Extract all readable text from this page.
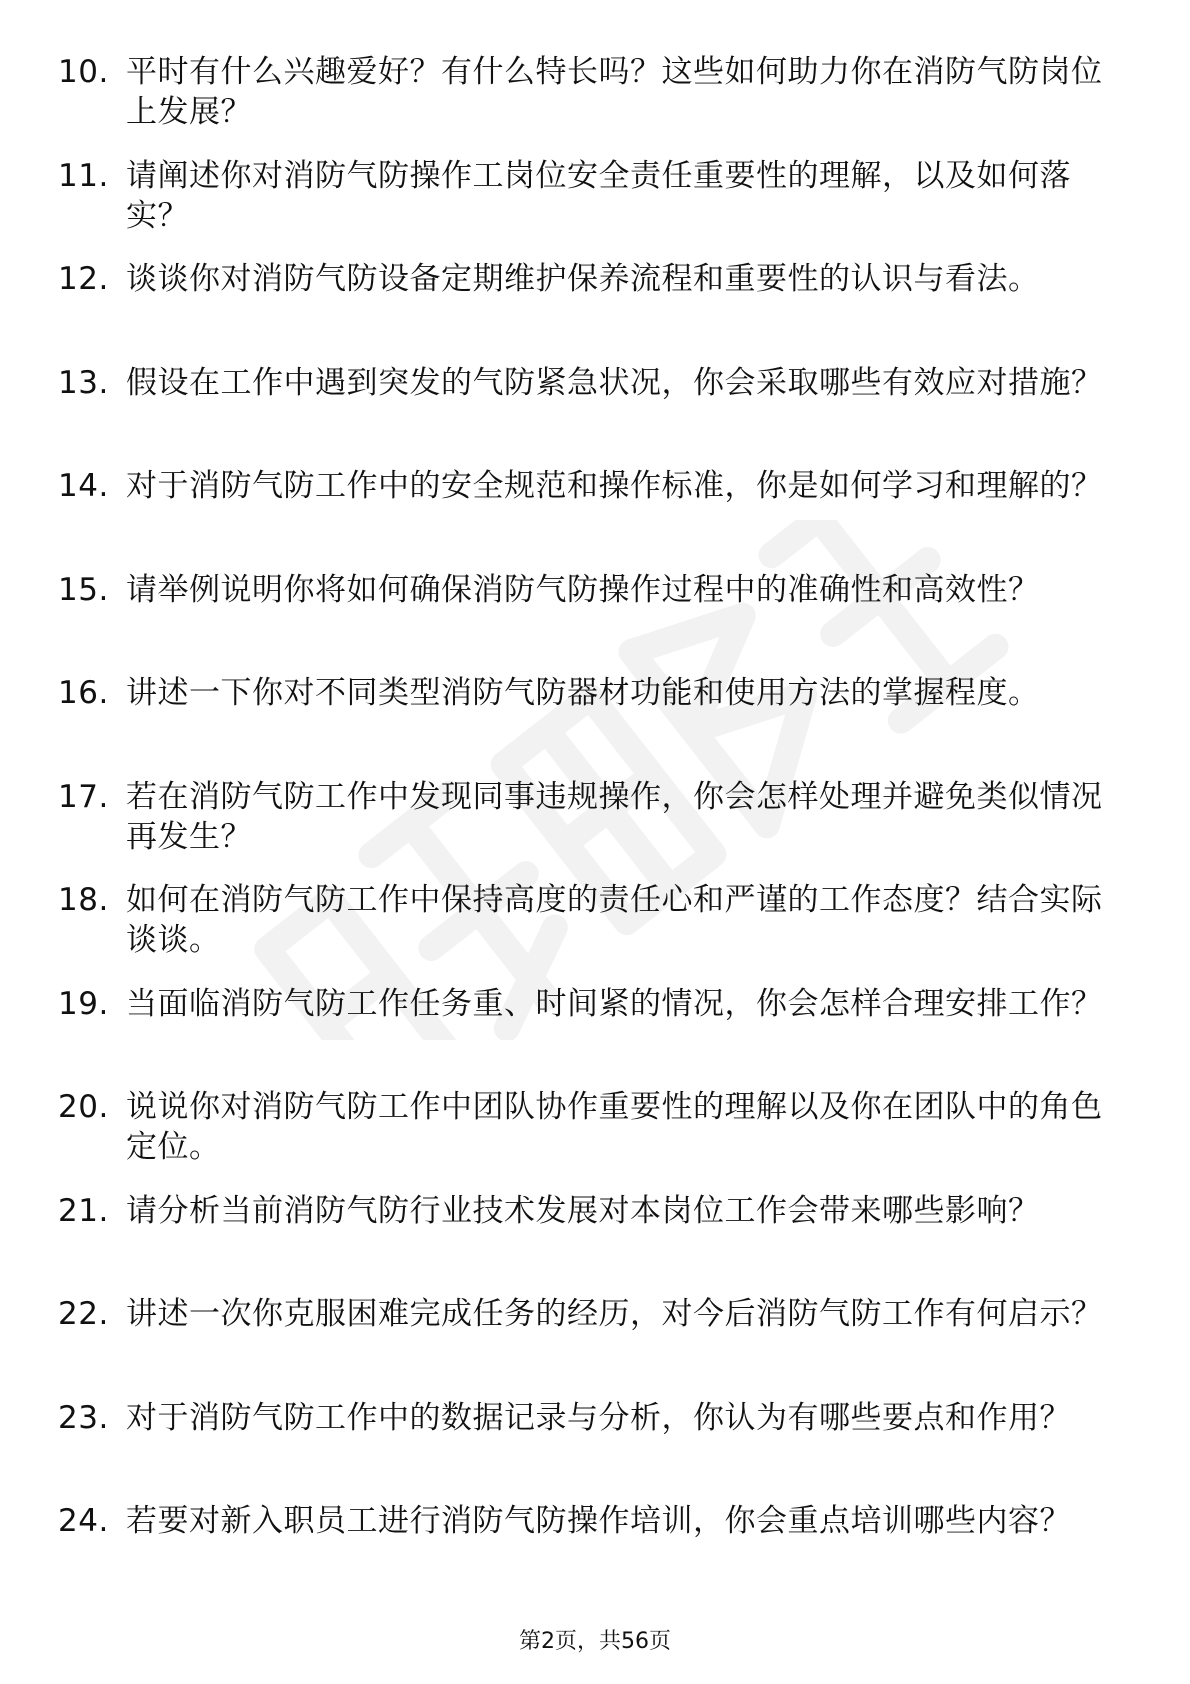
10. 平时有什么兴趣爱好？有什么特长吗？这些如何助力你在消防气防岗位上发展？
11. 请阐述你对消防气防操作工岗位安全责任重要性的理解，以及如何落实？
12. 谈谈你对消防气防设备定期维护保养流程和重要性的认识与看法。
13. 假设在工作中遇到突发的气防紧急状况，你会采取哪些有效应对措施？
14. 对于消防气防工作中的安全规范和操作标准，你是如何学习和理解的？
15. 请举例说明你将如何确保消防气防操作过程中的准确性和高效性？
16. 讲述一下你对不同类型消防气防器材功能和使用方法的掌握程度。
17. 若在消防气防工作中发现同事违规操作，你会怎样处理并避免类似情况再发生？
18. 如何在消防气防工作中保持高度的责任心和严谨的工作态度？结合实际谈谈。
19. 当面临消防气防工作任务重、时间紧的情况，你会怎样合理安排工作？
20. 说说你对消防气防工作中团队协作重要性的理解以及你在团队中的角色定位。
21. 请分析当前消防气防行业技术发展对本岗位工作会带来哪些影响？
22. 讲述一次你克服困难完成任务的经历，对今后消防气防工作有何启示？
23. 对于消防气防工作中的数据记录与分析，你认为有哪些要点和作用？
24. 若要对新入职员工进行消防气防操作培训，你会重点培训哪些内容？
第2页，共56页
